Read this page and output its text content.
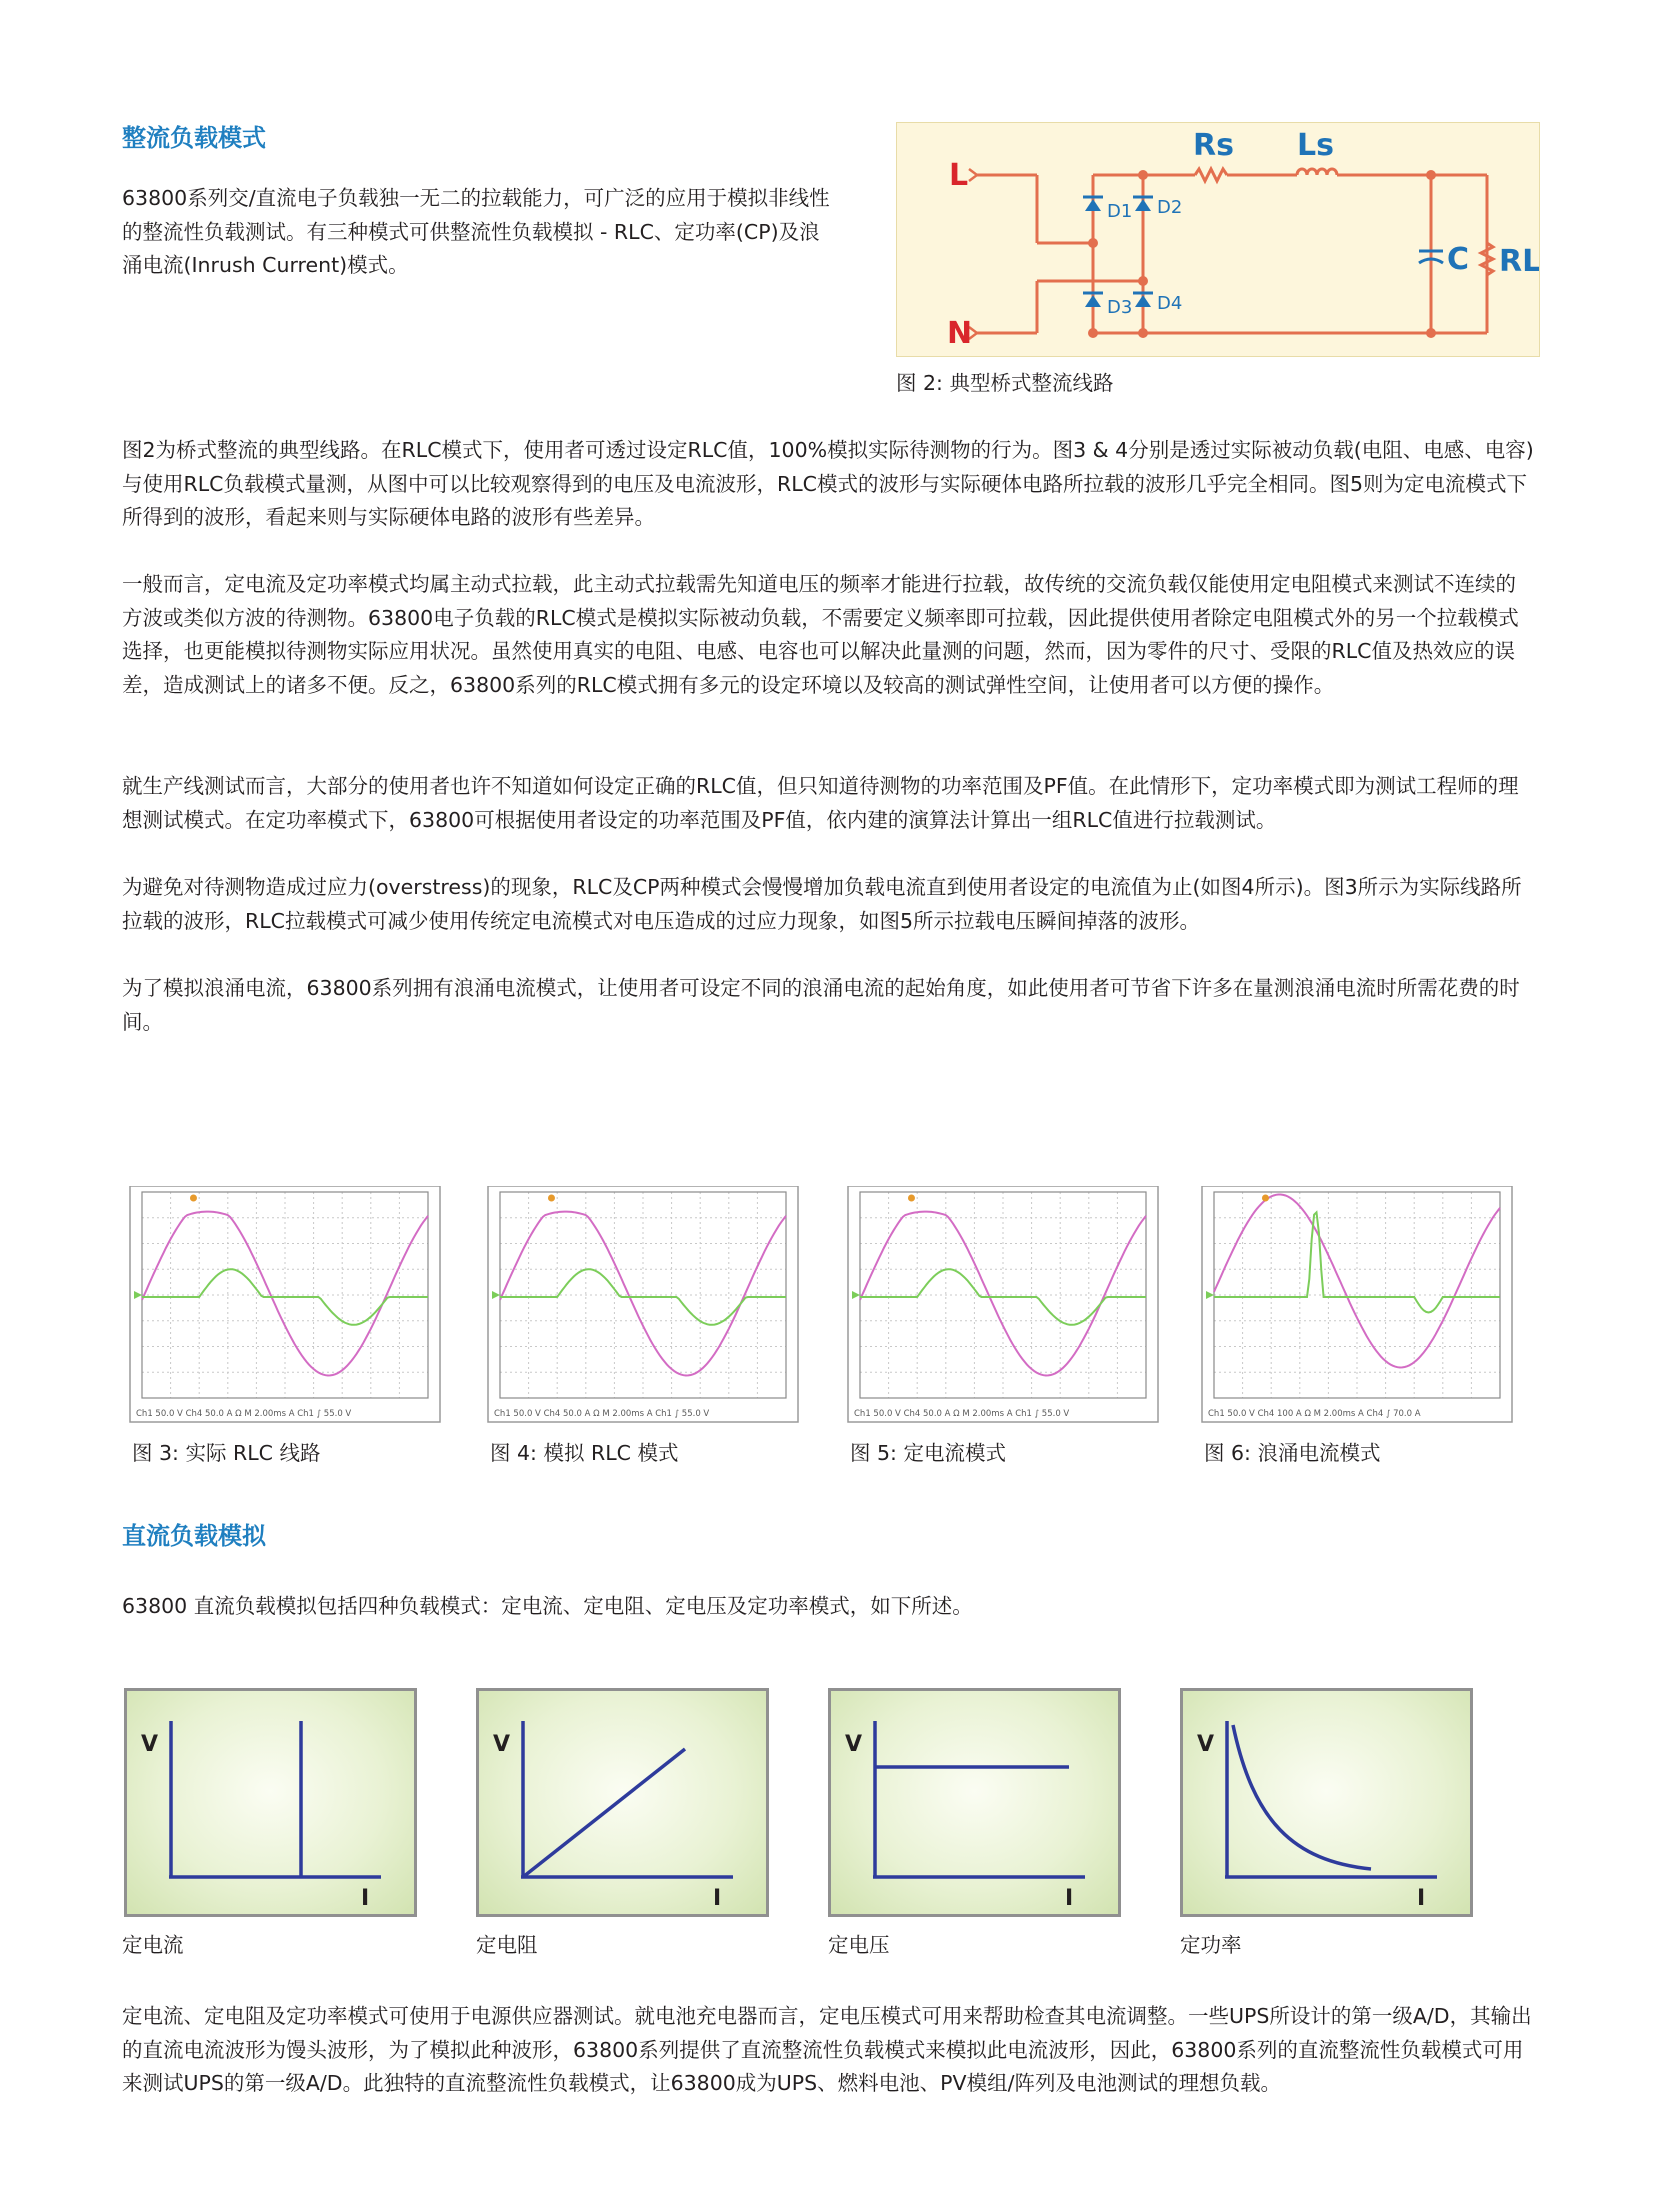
整流负载模式
63800系列交/直流电子负载独一无二的拉载能力，可广泛的应用于模拟非线性的整流性负载测试。有三种模式可供整流性负载模拟 - RLC、定功率(CP)及浪涌电流(Inrush Current)模式。
L
N
Rs Ls
C RL
D1 D2
D3 D4
图 2: 典型桥式整流线路
图2为桥式整流的典型线路。在RLC模式下，使用者可透过设定RLC值，100%模拟实际待测物的行为。图3 & 4分别是透过实际被动负载(电阻、电感、电容)与使用RLC负载模式量测，从图中可以比较观察得到的电压及电流波形，RLC模式的波形与实际硬体电路所拉载的波形几乎完全相同。图5则为定电流模式下所得到的波形，看起来则与实际硬体电路的波形有些差异。
一般而言，定电流及定功率模式均属主动式拉载，此主动式拉载需先知道电压的频率才能进行拉载，故传统的交流负载仅能使用定电阻模式来测试不连续的方波或类似方波的待测物。63800电子负载的RLC模式是模拟实际被动负载，不需要定义频率即可拉载，因此提供使用者除定电阻模式外的另一个拉载模式选择，也更能模拟待测物实际应用状况。虽然使用真实的电阻、电感、电容也可以解决此量测的问题，然而，因为零件的尺寸、受限的RLC值及热效应的误差，造成测试上的诸多不便。反之，63800系列的RLC模式拥有多元的设定环境以及较高的测试弹性空间，让使用者可以方便的操作。
就生产线测试而言，大部分的使用者也许不知道如何设定正确的RLC值，但只知道待测物的功率范围及PF值。在此情形下，定功率模式即为测试工程师的理想测试模式。在定功率模式下，63800可根据使用者设定的功率范围及PF值，依内建的演算法计算出一组RLC值进行拉载测试。
为避免对待测物造成过应力(overstress)的现象，RLC及CP两种模式会慢慢增加负载电流直到使用者设定的电流值为止(如图4所示)。图3所示为实际线路所拉载的波形，RLC拉载模式可减少使用传统定电流模式对电压造成的过应力现象，如图5所示拉载电压瞬间掉落的波形。
为了模拟浪涌电流，63800系列拥有浪涌电流模式，让使用者可设定不同的浪涌电流的起始角度，如此使用者可节省下许多在量测浪涌电流时所需花费的时间。
Ch1 50.0 V Ch4 50.0 A Ω M 2.00ms A Ch1 ∫ 55.0 V	Ch1 50.0 V Ch4 50.0 A Ω M 2.00ms A Ch1 ∫ 55.0 V	Ch1 50.0 V Ch4 50.0 A Ω M 2.00ms A Ch1 ∫ 55.0 V	Ch1 50.0 V Ch4 100 A Ω M 2.00ms A Ch4 ∫ 70.0 A
图 3: 实际 RLC 线路	图 4: 模拟 RLC 模式	图 5: 定电流模式	图 6: 浪涌电流模式
直流负载模拟
63800 直流负载模拟包括四种负载模式：定电流、定电阻、定电压及定功率模式，如下所述。
V
I
V
I
V
I
V
I
定电流	定电阻	定电压	定功率
定电流、定电阻及定功率模式可使用于电源供应器测试。就电池充电器而言，定电压模式可用来帮助检查其电流调整。一些UPS所设计的第一级A/D，其输出的直流电流波形为馒头波形，为了模拟此种波形，63800系列提供了直流整流性负载模式来模拟此电流波形，因此，63800系列的直流整流性负载模式可用来测试UPS的第一级A/D。此独特的直流整流性负载模式，让63800成为UPS、燃料电池、PV模组/阵列及电池测试的理想负载。
